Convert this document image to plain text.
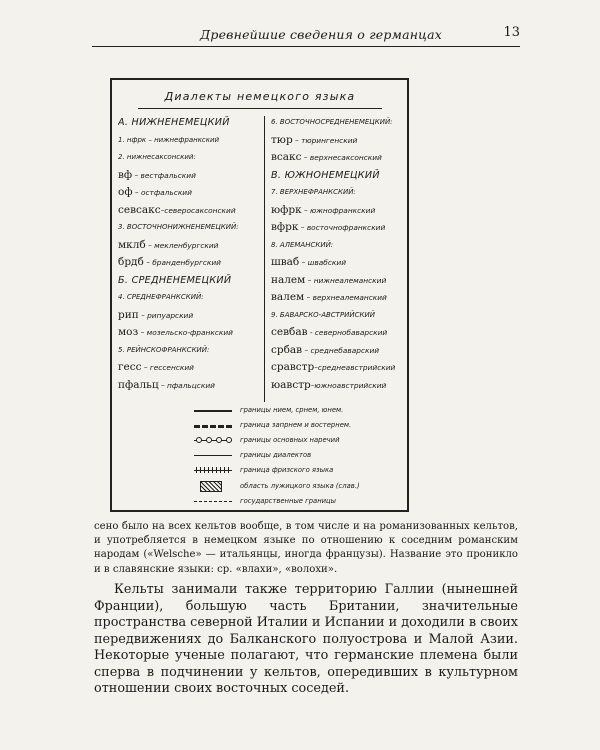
Древнейшие сведения о германцах	13
Диалекты немецкого языка
А. НИЖНЕНЕМЕЦКИЙ
1. нфрк – нижнефранкский
2. нижнесаксонский:
вф – вестфальский
оф – остфальский
севсакс–северосаксонский
3. ВОСТОЧНОНИЖНЕНЕМЕЦКИЙ:
мклб – мекленбургский
брдб – бранденбургский
Б. СРЕДНЕНЕМЕЦКИЙ
4. СРЕДНЕФРАНКСКИЙ:
рип – рипуарский
моз – мозельско-франкский
5. РЕЙНСКОФРАНКСКИЙ:
гесс – гессенский
пфальц – пфальцский
6. ВОСТОЧНОСРЕДНЕНЕМЕЦКИЙ:
тюр – тюрингенский
всакс – верхнесаксонский
В. ЮЖНОНЕМЕЦКИЙ
7. ВЕРХНЕФРАНКСКИЙ:
юфрк – южнофранкский
вфрк – восточнофранкский
8. АЛЕМАНСКИЙ:
шваб – швабский
налем – нижнеалеманский
валем – верхнеалеманский
9. БАВАРСКО-АВСТРИЙСКИЙ
севбав - севернобаварский
србав – среднебаварский
сравстр–среднеавстрийский
юавстр–южноавстрийский
границы нием, срнем, юнем.
граница запрнем и востернем.
границы основных наречий
границы диалектов
граница фризского языка
область лужицкого языка (слав.)
государственные границы

сено было на всех кельтов вообще, в том числе и на романизованных кельтов, и употребляется в немецком языке по отношению к соседним романским народам («Welsche» — итальянцы, иногда французы). Название это проникло и в славянские языки: ср. «влахи», «волохи».

Кельты занимали также территорию Галлии (нынешней Франции), большую часть Британии, значительные пространства северной Италии и Испании и доходили в своих передвижениях до Балканского полуострова и Малой Азии. Некоторые ученые полагают, что германские племена были сперва в подчинении у кельтов, опередивших в культурном отношении своих восточных соседей.
